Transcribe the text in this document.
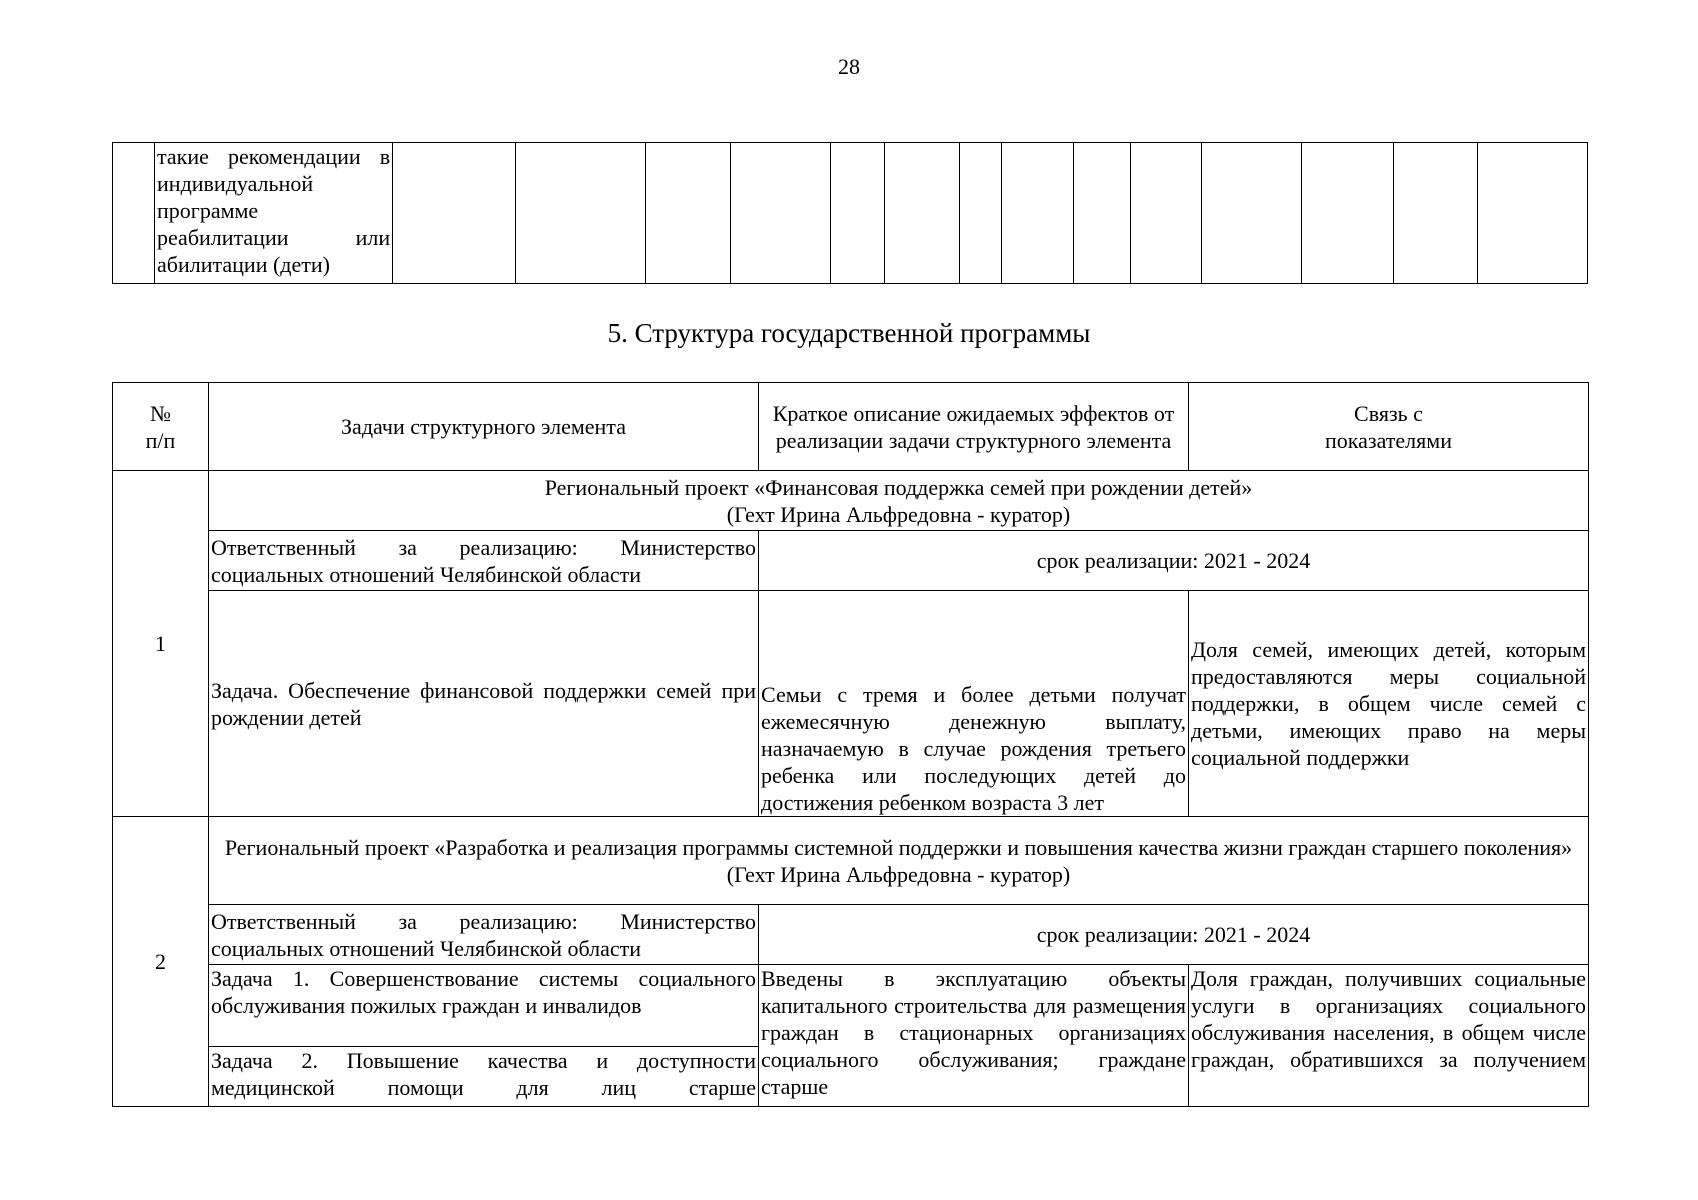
28
	такие рекомендации в индивидуальной программе реабилитации или абилитации (дети)														
5. Структура государственной программы
№ п/п	Задачи структурного элемента	Краткое описание ожидаемых эффектов от реализации задачи структурного элемента	Связь с показателями
1	Региональный проект «Финансовая поддержка семей при рождении детей»
(Гехт Ирина Альфредовна - куратор)		

	Ответственный за реализацию: Министерство социальных отношений Челябинской области	срок реализации: 2021 - 2024	
	Задача. Обеспечение финансовой поддержки семей при рождении детей	Семьи с тремя и более детьми получат ежемесячную денежную выплату, назначаемую в случае рождения третьего ребенка или последующих детей до достижения ребенком возраста 3 лет	Доля семей, имеющих детей, которым предоставляются меры социальной поддержки, в общем числе семей с детьми, имеющих право на меры социальной поддержки
2	Региональный проект «Разработка и реализация программы системной поддержки и повышения качества жизни граждан старшего поколения»
(Гехт Ирина Альфредовна - куратор)		

	Ответственный за реализацию: Министерство социальных отношений Челябинской области	срок реализации: 2021 - 2024	
	Задача 1. Совершенствование системы социального обслуживания пожилых граждан и инвалидов	Введены в эксплуатацию объекты капитального строительства для размещения граждан в стационарных организациях социального обслуживания; граждане старше	Доля граждан, получивших социальные услуги в организациях социального обслуживания населения, в общем числе граждан, обратившихся за получением
	Задача 2. Повышение качества и доступности медицинской помощи для лиц старше		
